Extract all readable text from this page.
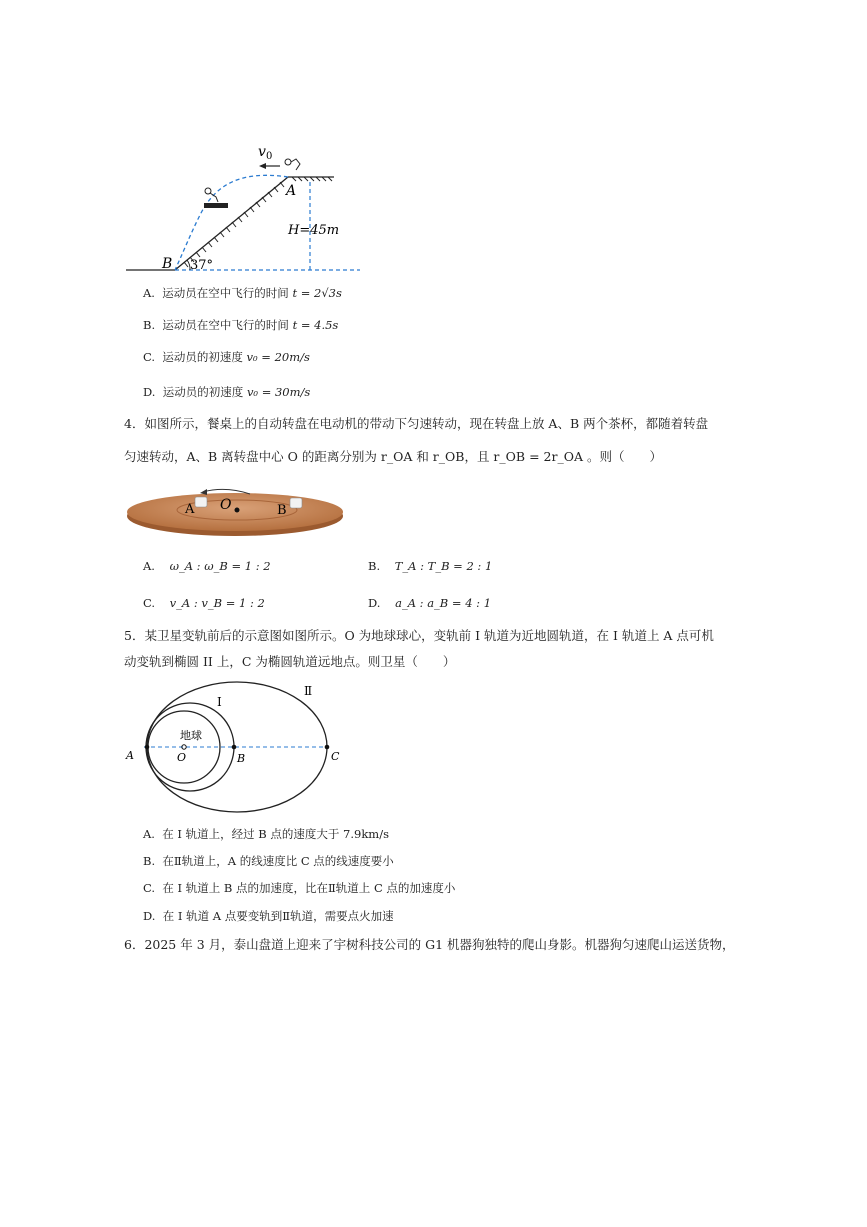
v 0
A
B 37°
H=45m
A. 运动员在空中飞行的时间 t = 2√3s
B. 运动员在空中飞行的时间 t = 4.5s
C. 运动员的初速度 v₀ = 20m/s
D. 运动员的初速度 v₀ = 30m/s
4．如图所示，餐桌上的自动转盘在电动机的带动下匀速转动，现在转盘上放 A、B 两个茶杯，都随着转盘
匀速转动，A、B 离转盘中心 O 的距离分别为 r_OA 和 r_OB，且 r_OB = 2r_OA 。则（　　）
A O	B
A. ω_A : ω_B = 1 : 2	B. T_A : T_B = 2 : 1
C. v_A : v_B = 1 : 2	D. a_A : a_B = 4 : 1
5．某卫星变轨前后的示意图如图所示。O 为地球球心，变轨前 I 轨道为近地圆轨道，在 I 轨道上 A 点可机
动变轨到椭圆 II 上，C 为椭圆轨道远地点。则卫星（　　）
Ⅰ
Ⅱ
地球
O
A	B	C
A. 在 I 轨道上，经过 B 点的速度大于 7.9km/s
B. 在Ⅱ轨道上，A 的线速度比 C 点的线速度要小
C. 在 I 轨道上 B 点的加速度，比在Ⅱ轨道上 C 点的加速度小
D. 在 I 轨道 A 点要变轨到Ⅱ轨道，需要点火加速
6．2025 年 3 月，泰山盘道上迎来了宇树科技公司的 G1 机器狗独特的爬山身影。机器狗匀速爬山运送货物，
